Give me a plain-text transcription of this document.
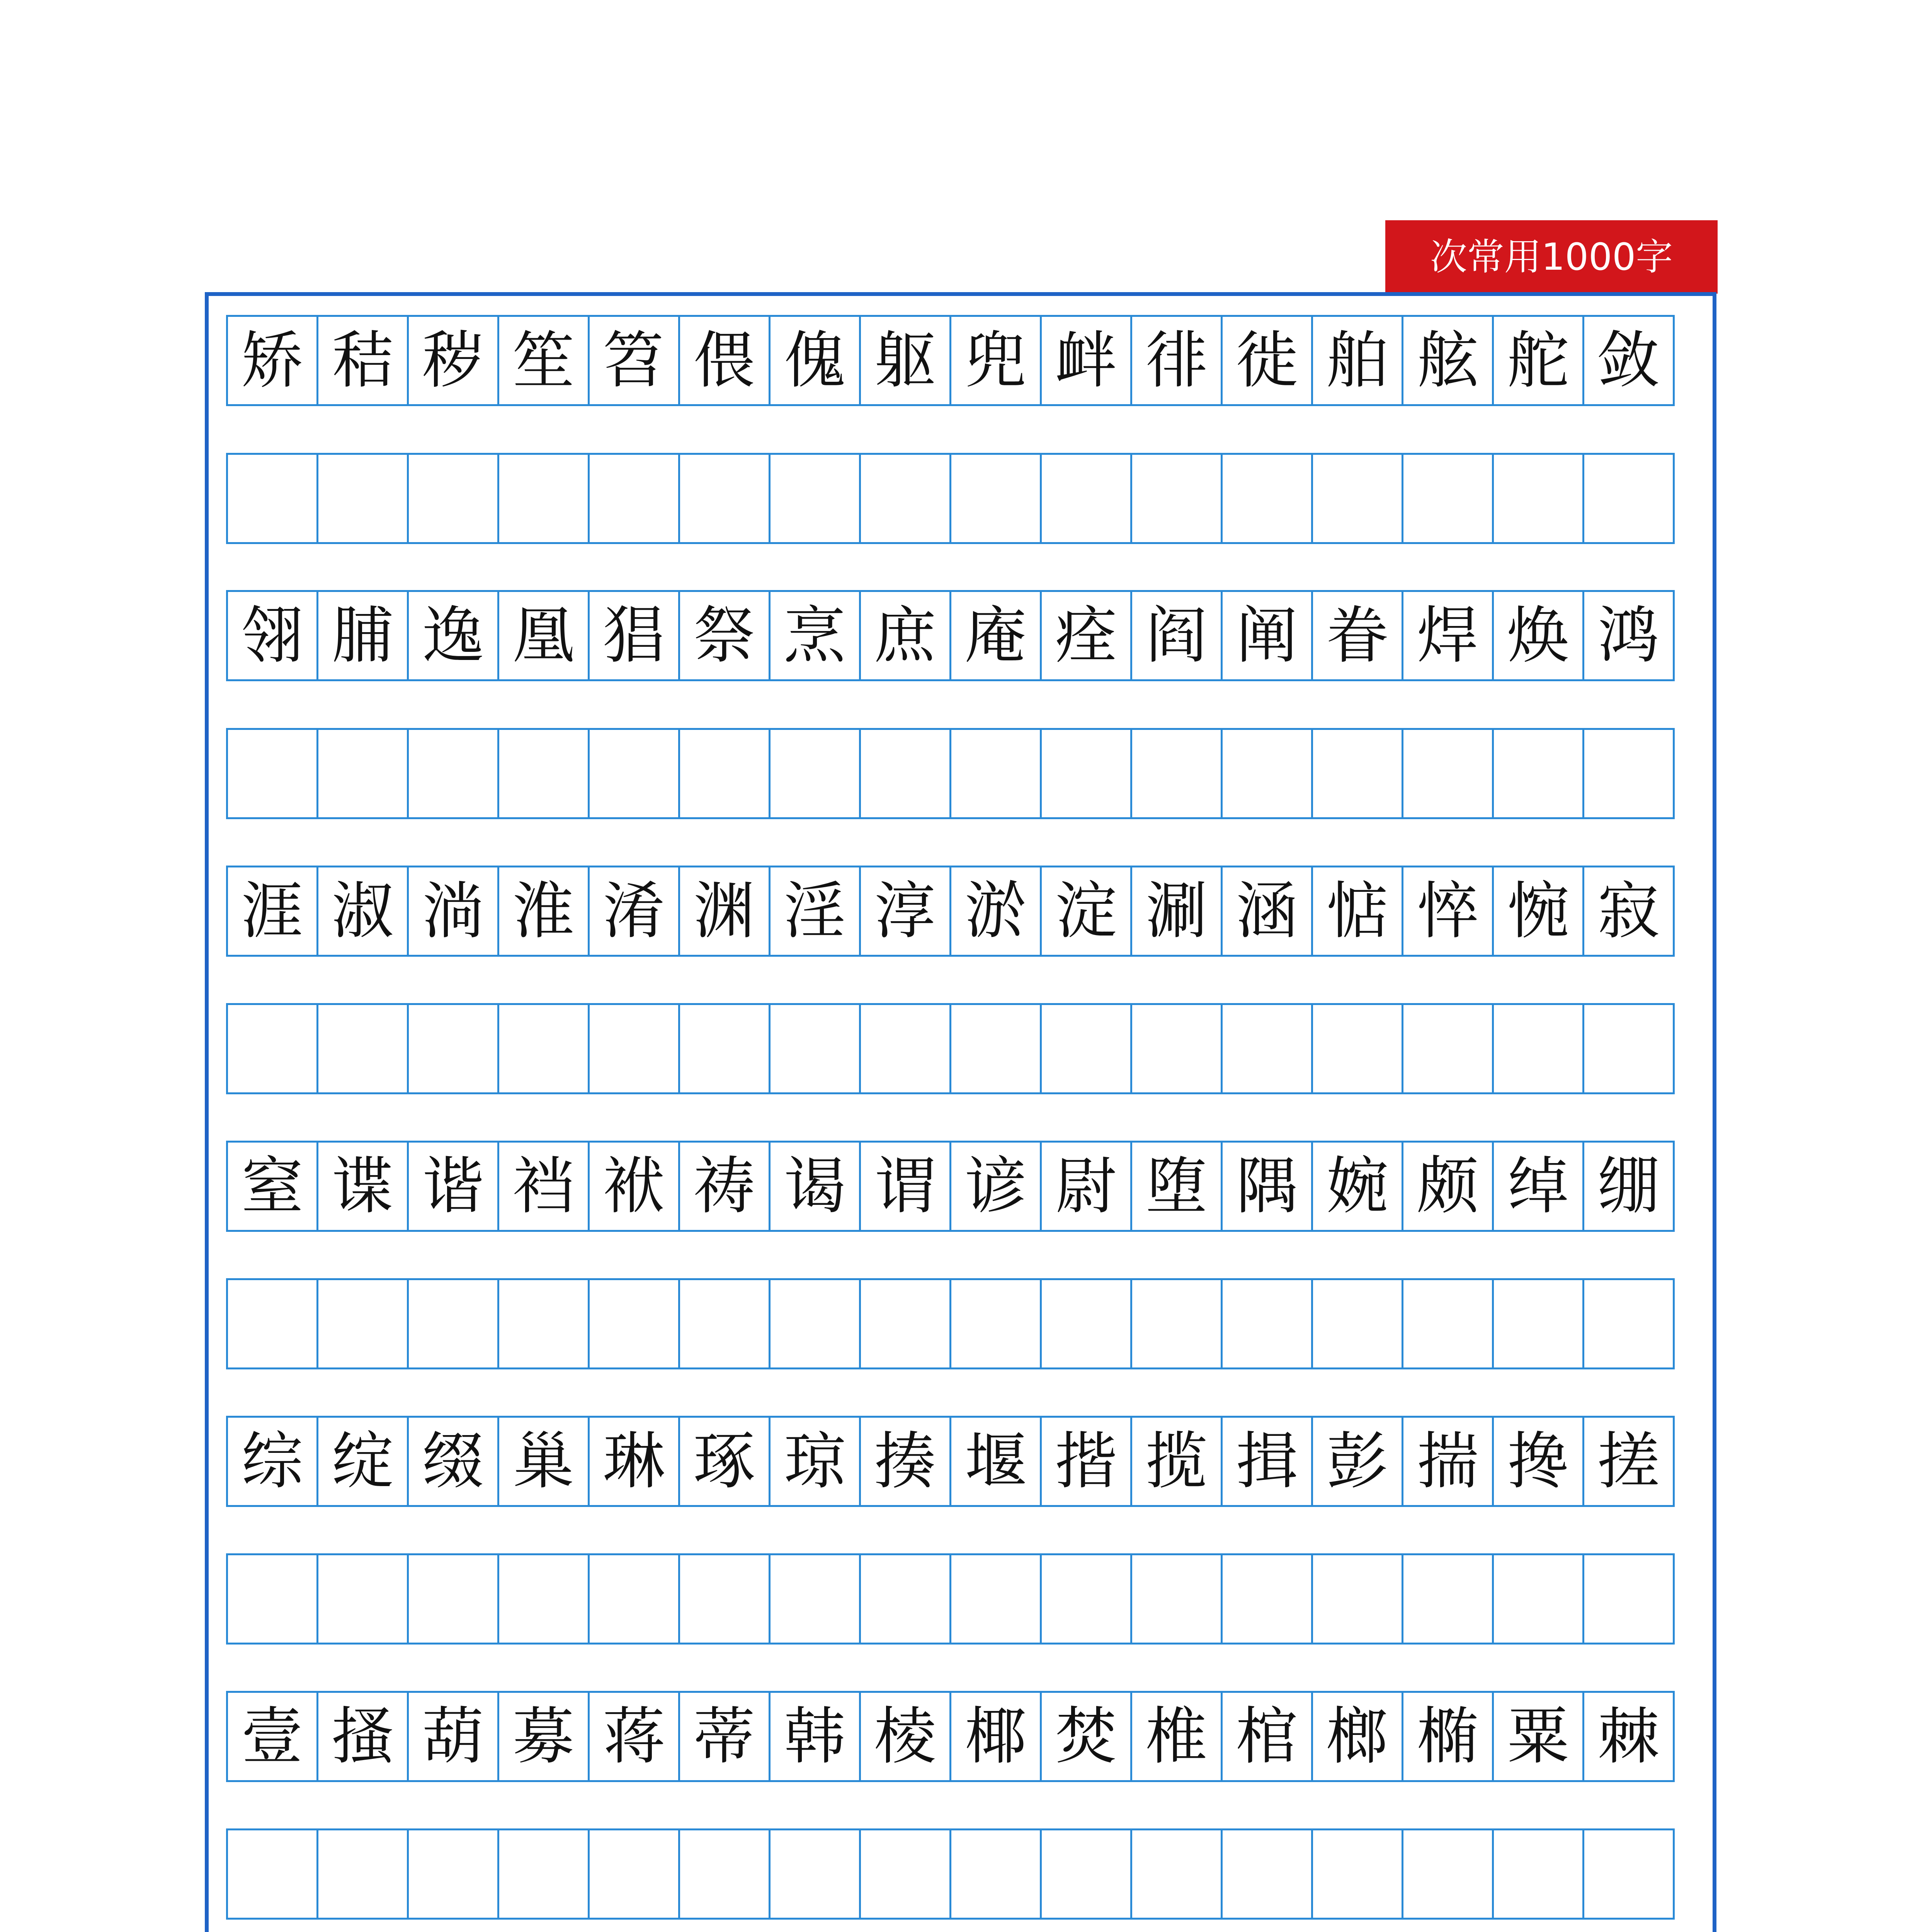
次常用1000字
矫 秸 秽 笙 笤 偎 傀 躯 兜 衅 徘 徙 舶 舷 舵 敛
翎 脯 逸 凰 猖 祭 烹 庶 庵 痊 阎 阐 眷 焊 焕 鸿
涯 淑 淌 淮 淆 渊 淫 淳 淤 淀 涮 涵 惦 悴 惋 寂
窒 谍 谐 裆 袱 祷 谒 谓 谚 尉 堕 隅 婉 颇 绰 绷
综 绽 缀 巢 琳 琢 琼 揍 堰 揩 揽 揖 彭 揣 搀 搓
壹 搔 葫 募 蒋 蒂 韩 棱 椰 焚 椎 棺 榔 椭 粟 棘
